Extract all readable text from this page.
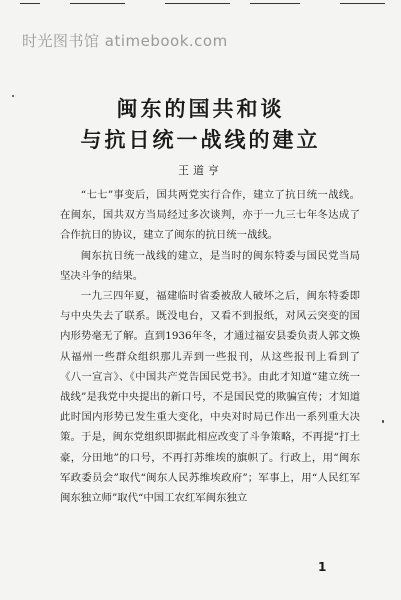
时光图书馆 atimebook.com
闽东的国共和谈
与抗日统一战线的建立
王道亨

“七七”事变后，国共两党实行合作，建立了抗日统一战线。在闽东，国共双方当局经过多次谈判，亦于一九三七年冬达成了合作抗日的协议，建立了闽东的抗日统一战线。

闽东抗日统一战线的建立，是当时的闽东特委与国民党当局坚决斗争的结果。

一九三四年夏，福建临时省委被敌人破坏之后，闽东特委即与中央失去了联系。既没电台，又看不到报纸，对风云突变的国内形势毫无了解。直到1936年冬，才通过福安县委负责人郭文焕从福州一些群众组织那儿弄到一些报刊，从这些报刊上看到了《八一宣言》、《中国共产党告国民党书》。由此才知道“建立统一战线”是我党中央提出的新口号，不是国民党的欺骗宣传；才知道此时国内形势已发生重大变化，中央对时局已作出一系列重大决策。于是，闽东党组织即据此相应改变了斗争策略，不再提“打土豪，分田地”的口号，不再打苏维埃的旗帜了。行政上，用“闽东军政委员会”取代“闽东人民苏维埃政府”；军事上，用“人民红军闽东独立师”取代“中国工农红军闽东独立

1
